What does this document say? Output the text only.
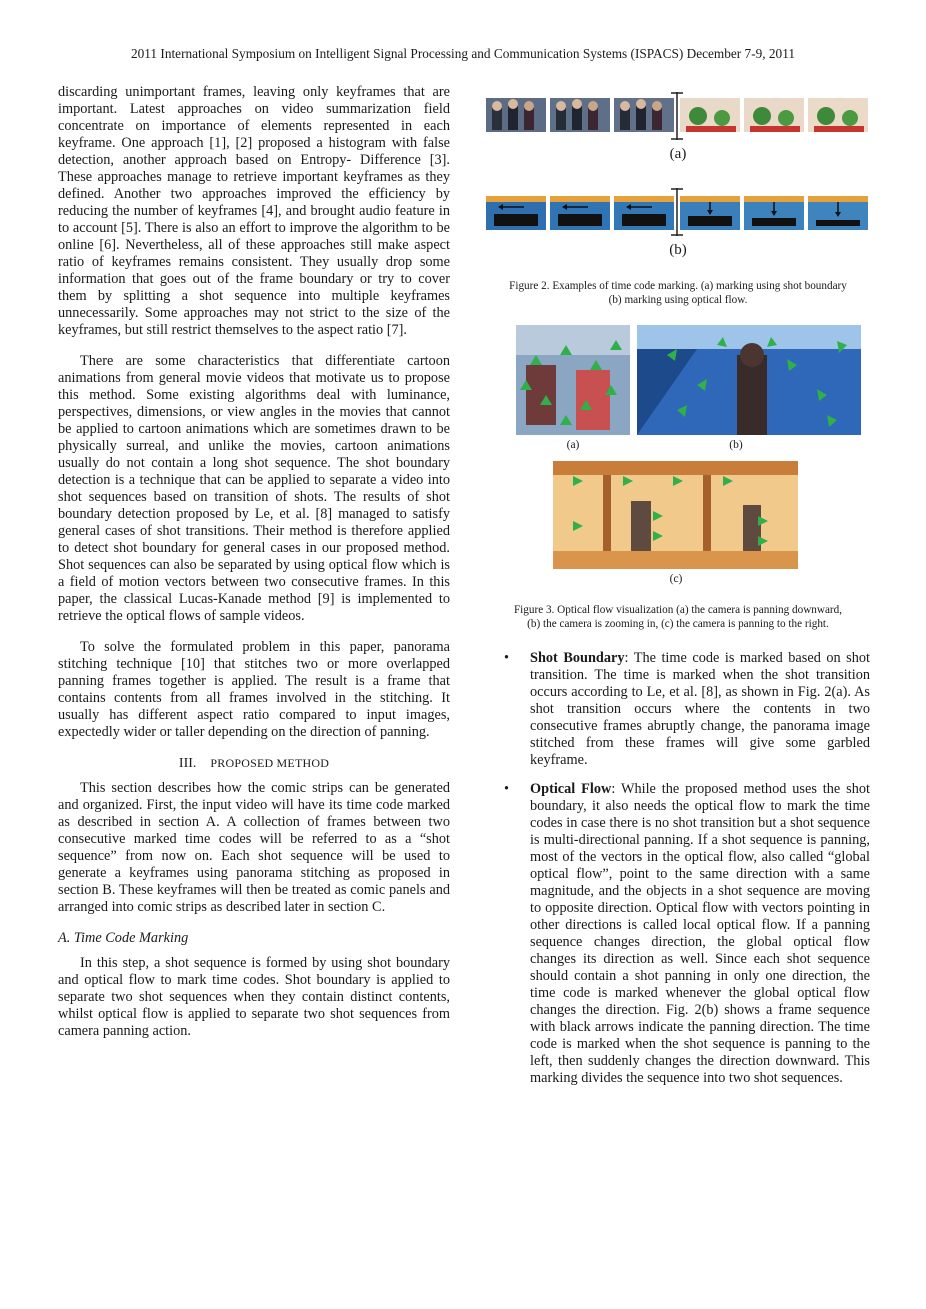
2011 International Symposium on Intelligent Signal Processing and Communication Systems (ISPACS) December 7-9, 2011

discarding unimportant frames, leaving only keyframes that are important. Latest approaches on video summarization field concentrate on importance of elements represented in each keyframe. One approach [1], [2] proposed a histogram with false detection, another approach based on Entropy- Difference [3]. These approaches manage to retrieve important keyframes as they defined. Another two approaches improved the efficiency by reducing the number of keyframes [4], and brought audio feature in to account [5]. There is also an effort to improve the algorithm to be online [6]. Nevertheless, all of these approaches still make aspect ratio of keyframes remains consistent. They usually drop some information that goes out of the frame boundary or try to cover them by splitting a shot sequence into multiple keyframes unnecessarily. Some approaches may not strict to the size of the keyframes, but still restrict themselves to the aspect ratio [7].

There are some characteristics that differentiate cartoon animations from general movie videos that motivate us to propose this method. Some existing algorithms deal with luminance, perspectives, dimensions, or view angles in the movies that cannot be applied to cartoon animations which are sometimes drawn to be physically surreal, and unlike the movies, cartoon animations usually do not contain a long shot sequence. The shot boundary detection is a technique that can be applied to separate a video into shot sequences based on transition of shots. The results of shot boundary detection proposed by Le, et al. [8] managed to satisfy general cases of shot transitions. Their method is therefore applied to detect shot boundary for general cases in our proposed method. Shot sequences can also be separated by using optical flow which is a field of motion vectors between two consecutive frames. In this paper, the classical Lucas-Kanade method [9] is implemented to retrieve the optical flows of sample videos.

To solve the formulated problem in this paper, panorama stitching technique [10] that stitches two or more overlapped panning frames together is applied. The result is a frame that contains contents from all frames involved in the stitching. It usually has different aspect ratio compared to input images, expectedly wider or taller depending on the direction of panning.

III. PROPOSED METHOD

This section describes how the comic strips can be generated and organized. First, the input video will have its time code marked as described in section A. A collection of frames between two consecutive marked time codes will be referred to as a “shot sequence” from now on. Each shot sequence will be used to generate a keyframes using panorama stitching as proposed in section B. These keyframes will then be treated as comic panels and arranged into comic strips as described later in section C.

A. Time Code Marking

In this step, a shot sequence is formed by using shot boundary and optical flow to mark time codes. Shot boundary is applied to separate two shot sequences when they contain distinct contents, whilst optical flow is applied to separate two shot sequences from camera panning action.

(a)
(b)
Figure 2. Examples of time code marking. (a) marking using shot boundary
(b) marking using optical flow.
(a)	(b)
(c)
Figure 3. Optical flow visualization (a) the camera is panning downward,
(b) the camera is zooming in, (c) the camera is panning to the right.
• Shot Boundary: The time code is marked based on shot transition. The time is marked when the shot transition occurs according to Le, et al. [8], as shown in Fig. 2(a). As shot transition occurs where the contents in two consecutive frames abruptly change, the panorama image stitched from these frames will give some garbled keyframe.
• Optical Flow: While the proposed method uses the shot boundary, it also needs the optical flow to mark the time codes in case there is no shot transition but a shot sequence is multi-directional panning. If a shot sequence is panning, most of the vectors in the optical flow, also called “global optical flow”, point to the same direction with a same magnitude, and the objects in a shot sequence are moving to opposite direction. Optical flow with vectors pointing in other directions is called local optical flow. If a panning sequence changes direction, the global optical flow changes its direction as well. Since each shot sequence should contain a shot panning in only one direction, the time code is marked whenever the global optical flow changes the direction. Fig. 2(b) shows a frame sequence with black arrows indicate the panning direction. The time code is marked when the shot sequence is panning to the left, then suddenly changes the direction downward. This marking divides the sequence into two shot sequences.
